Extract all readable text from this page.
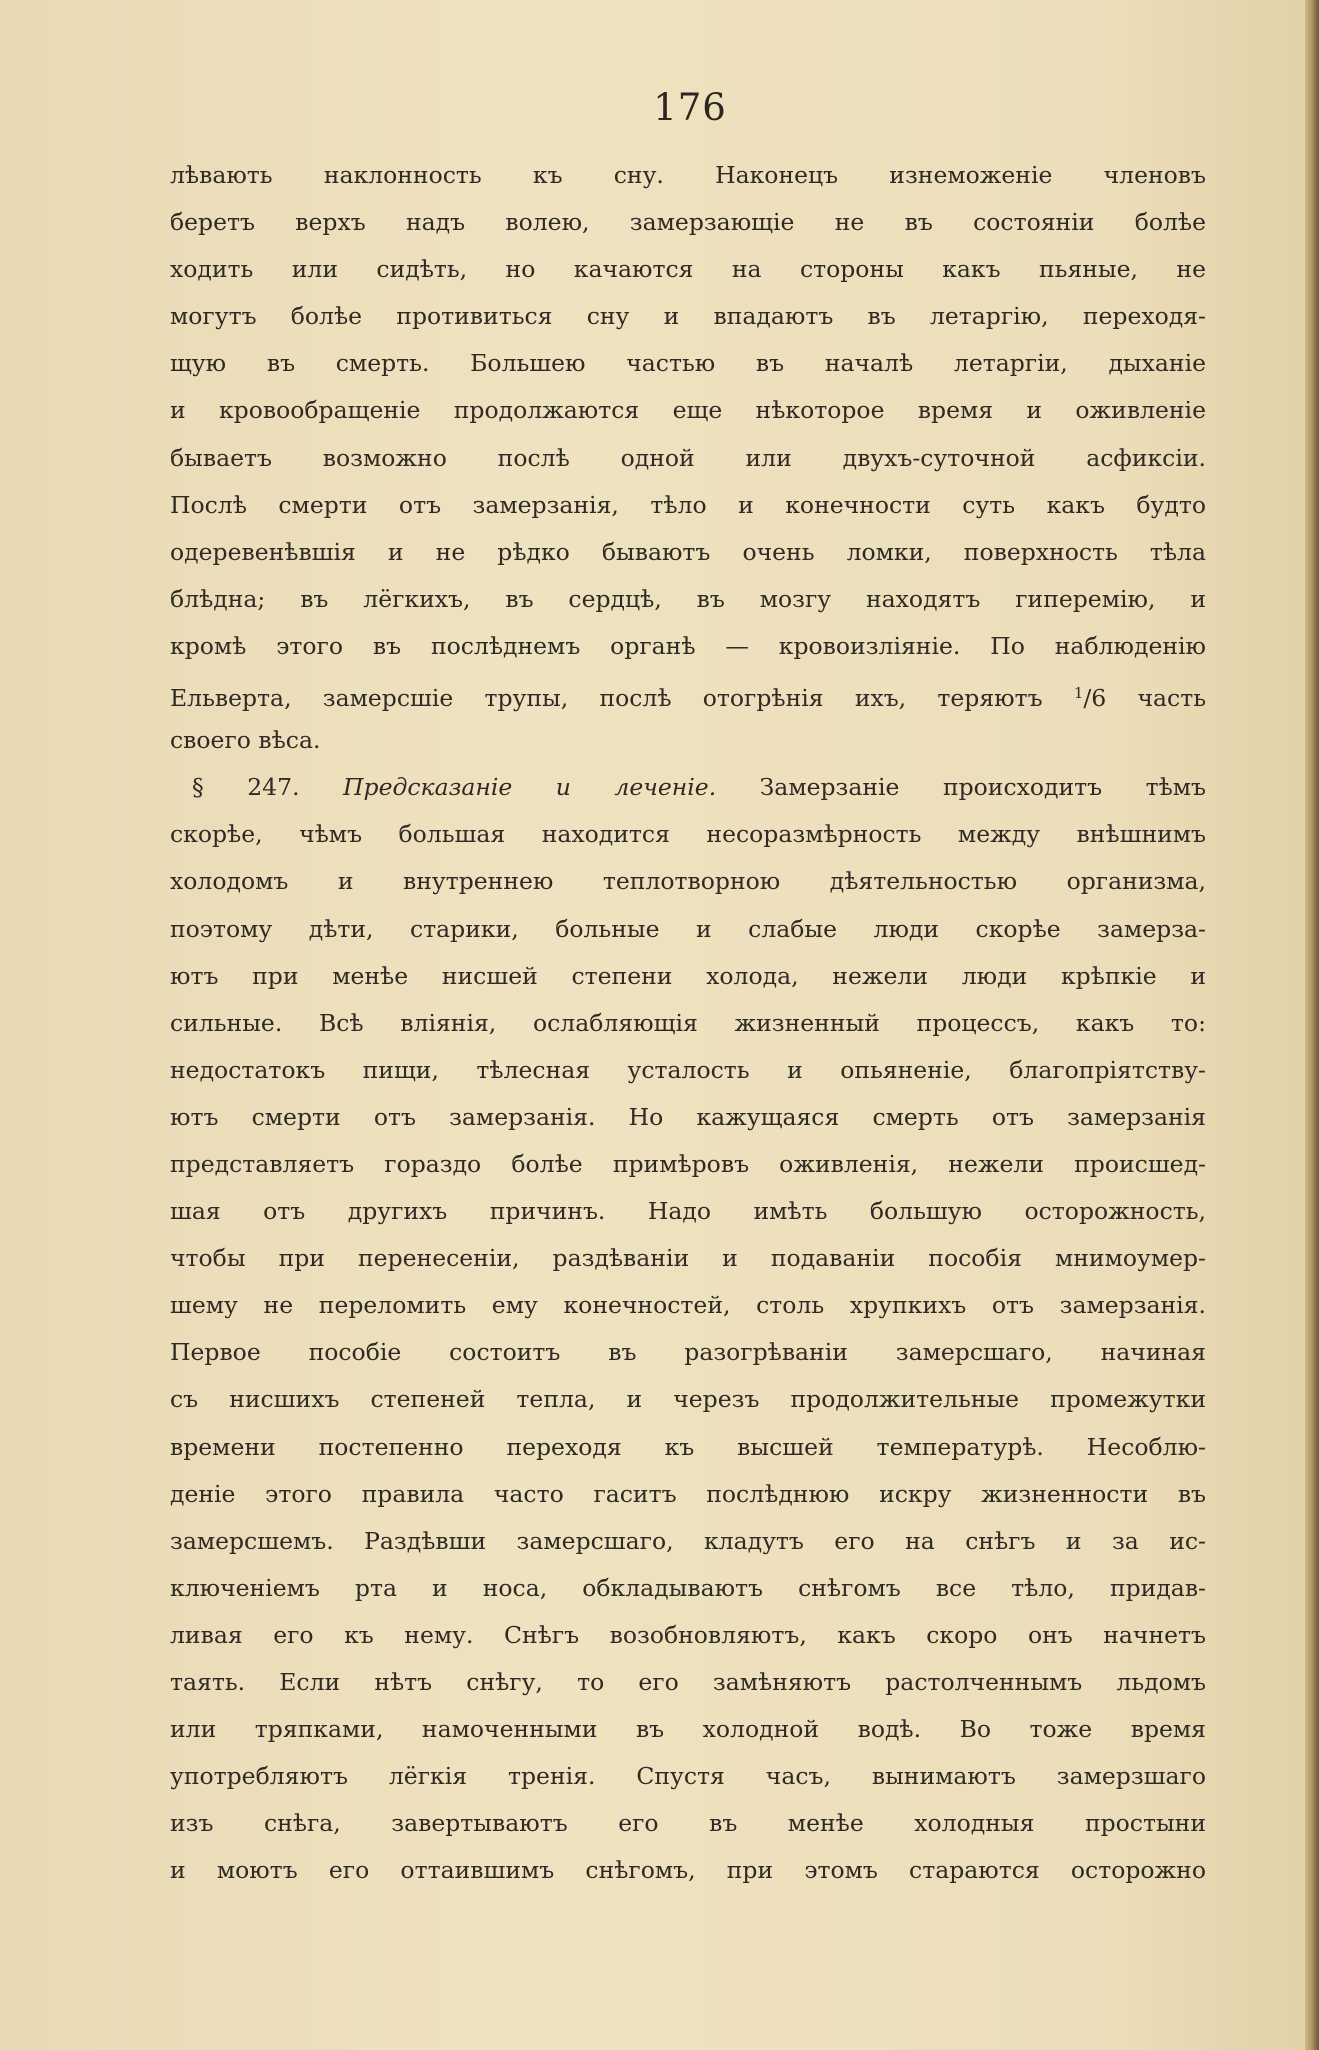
176
лѣвають наклонность къ сну. Наконецъ изнеможеніе членовъ
беретъ верхъ надъ волею, замерзающіе не въ состояніи болѣе
ходить или сидѣть, но качаются на стороны какъ пьяные, не
могутъ болѣе противиться сну и впадаютъ въ летаргію, переходя-
щую въ смерть. Большею частью въ началѣ летаргіи, дыханіе
и кровообращеніе продолжаются еще нѣкоторое время и оживленіе
бываетъ возможно послѣ одной или двухъ-суточной асфиксіи.
Послѣ смерти отъ замерзанія, тѣло и конечности суть какъ будто
одеревенѣвшія и не рѣдко бываютъ очень ломки, поверхность тѣла
блѣдна; въ лёгкихъ, въ сердцѣ, въ мозгу находятъ гиперемію, и
кромѣ этого въ послѣднемъ органѣ — кровоизліяніе. По наблюденію
Ельверта, замерсшіе трупы, послѣ отогрѣнія ихъ, теряютъ $^1$/6 часть
своего вѣса.
§ 247. Предсказаніе и леченіе. Замерзаніе происходитъ тѣмъ
скорѣе, чѣмъ большая находится несоразмѣрность между внѣшнимъ
холодомъ и внутреннею теплотворною дѣятельностью организма,
поэтому дѣти, старики, больные и слабые люди скорѣе замерза-
ютъ при менѣе нисшей степени холода, нежели люди крѣпкіе и
сильные. Всѣ вліянія, ослабляющія жизненный процессъ, какъ то:
недостатокъ пищи, тѣлесная усталость и опьяненіе, благопріятству-
ютъ смерти отъ замерзанія. Но кажущаяся смерть отъ замерзанія
представляетъ гораздо болѣе примѣровъ оживленія, нежели происшед-
шая отъ другихъ причинъ. Надо имѣть большую осторожность,
чтобы при перенесеніи, раздѣваніи и подаваніи пособія мнимоумер-
шему не переломить ему конечностей, столь хрупкихъ отъ замерзанія.
Первое пособіе состоитъ въ разогрѣваніи замерсшаго, начиная
съ нисшихъ степеней тепла, и черезъ продолжительные промежутки
времени постепенно переходя къ высшей температурѣ. Несоблю-
деніе этого правила часто гаситъ послѣднюю искру жизненности въ
замерсшемъ. Раздѣвши замерсшаго, кладутъ его на снѣгъ и за ис-
ключеніемъ рта и носа, обкладываютъ снѣгомъ все тѣло, придав-
ливая его къ нему. Снѣгъ возобновляютъ, какъ скоро онъ начнетъ
таять. Если нѣтъ снѣгу, то его замѣняютъ растолченнымъ льдомъ
или тряпками, намоченными въ холодной водѣ. Во тоже время
употребляютъ лёгкія тренія. Спустя часъ, вынимаютъ замерзшаго
изъ снѣга, завертываютъ его въ менѣе холодныя простыни
и моютъ его оттаившимъ снѣгомъ, при этомъ стараются осторожно
